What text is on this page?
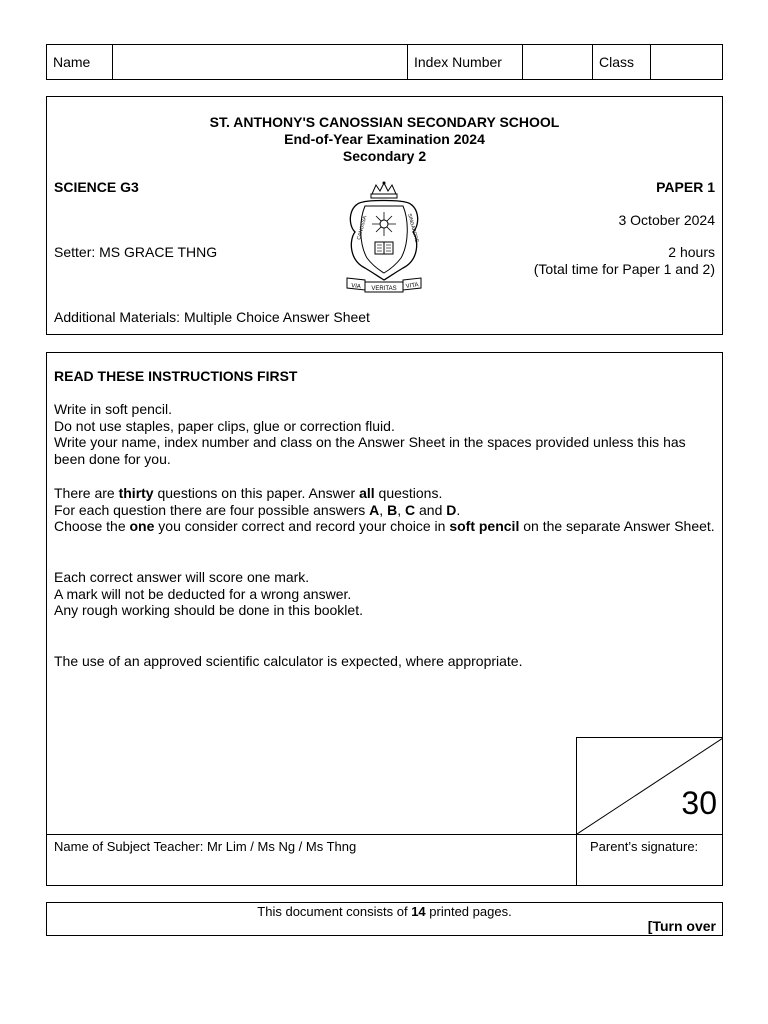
Name	Index Number	Class
ST. ANTHONY'S CANOSSIAN SECONDARY SCHOOL
End-of-Year Examination 2024
Secondary 2
SCIENCE G3	PAPER 1
3 October 2024
Setter: MS GRACE THNG	2 hours
(Total time for Paper 1 and 2)
Additional Materials: Multiple Choice Answer Sheet
CANOSSA	SINGAPORE
VIA VERITAS VITA
READ THESE INSTRUCTIONS FIRST
Write in soft pencil.
Do not use staples, paper clips, glue or correction fluid.
Write your name, index number and class on the Answer Sheet in the spaces provided unless this has been done for you.
There are thirty questions on this paper. Answer all questions.
For each question there are four possible answers A, B, C and D.
Choose the one you consider correct and record your choice in soft pencil on the separate Answer Sheet.
Each correct answer will score one mark.
A mark will not be deducted for a wrong answer.
Any rough working should be done in this booklet.
The use of an approved scientific calculator is expected, where appropriate.
30
Name of Subject Teacher: Mr Lim / Ms Ng / Ms Thng	Parent’s signature:
This document consists of 14 printed pages.
[Turn over
